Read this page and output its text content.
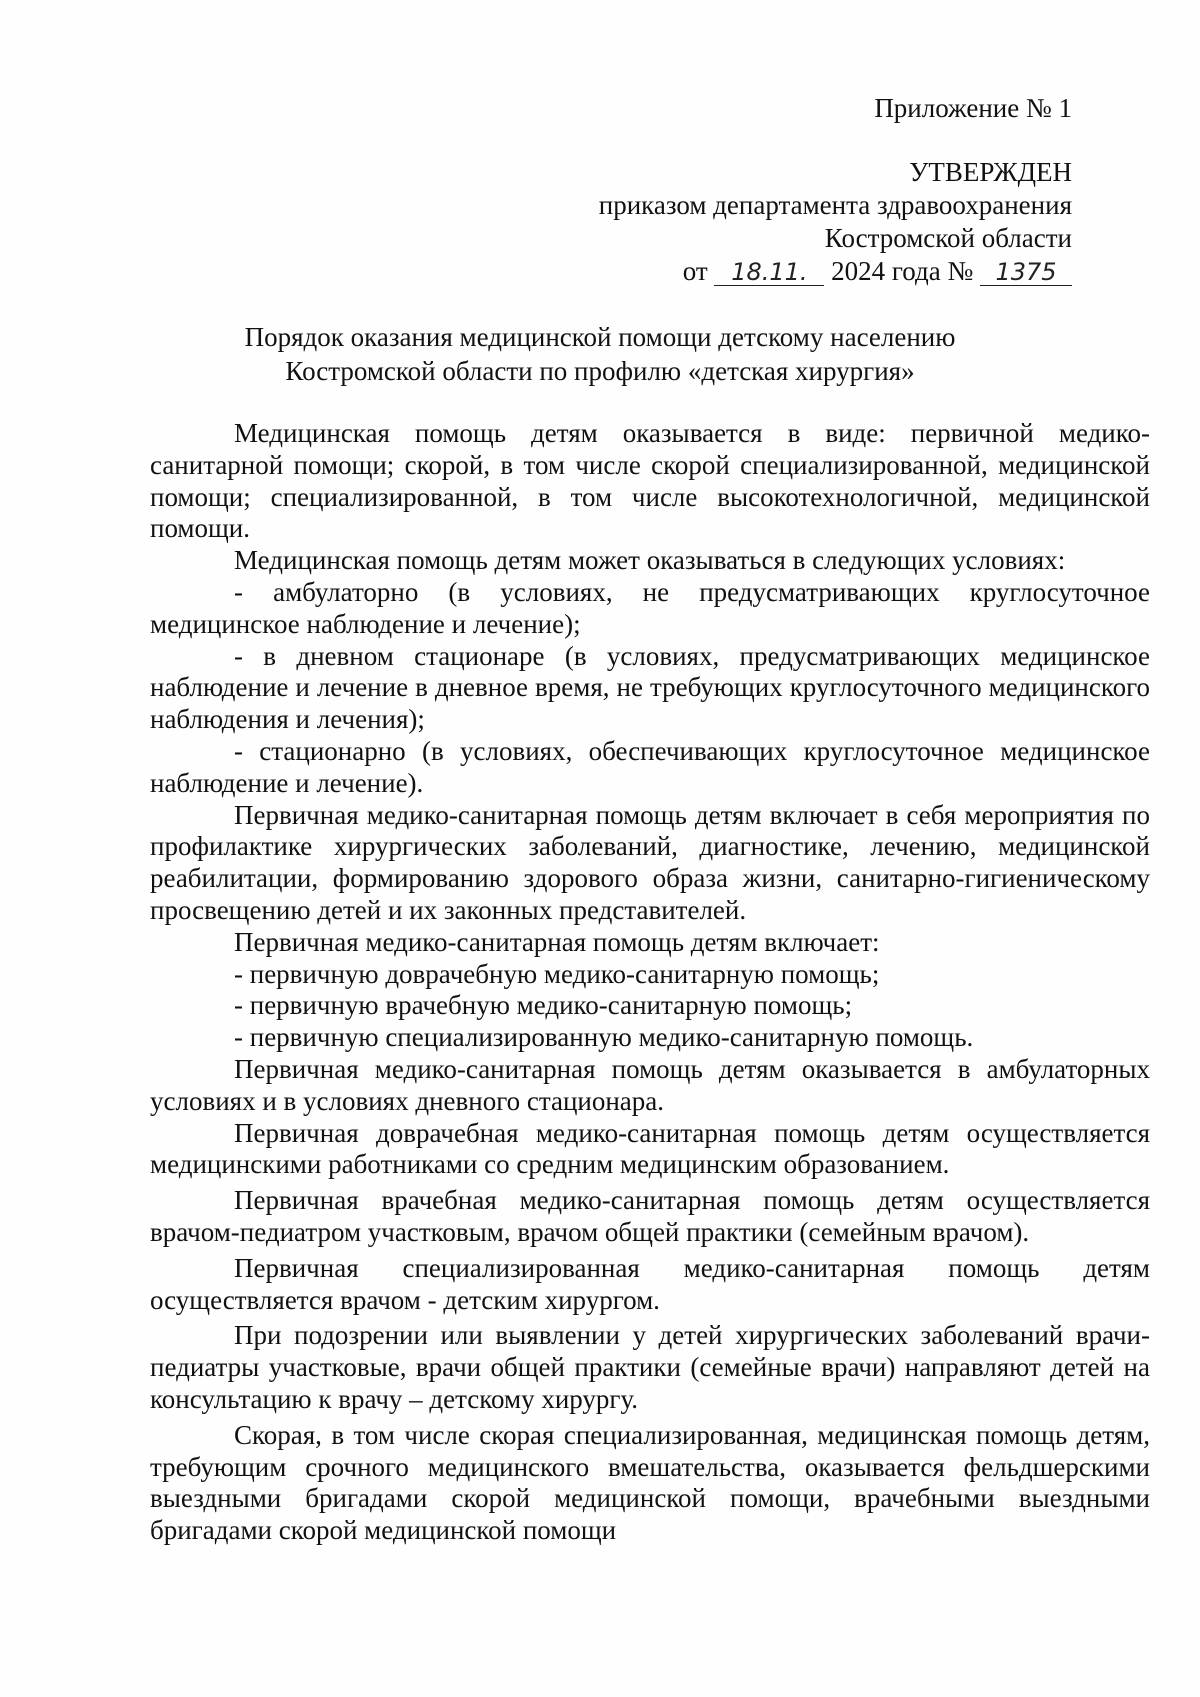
Приложение № 1
УТВЕРЖДЕН
приказом департамента здравоохранения
Костромской области
от 18.11. 2024 года № 1375
Порядок оказания медицинской помощи детскому населению
Костромской области по профилю «детская хирургия»

Медицинская помощь детям оказывается в виде: первичной медико-санитарной помощи; скорой, в том числе скорой специализированной, медицинской помощи; специализированной, в том числе высокотехнологичной, медицинской помощи.

Медицинская помощь детям может оказываться в следующих условиях:

- амбулаторно (в условиях, не предусматривающих круглосуточное медицинское наблюдение и лечение);

- в дневном стационаре (в условиях, предусматривающих медицинское наблюдение и лечение в дневное время, не требующих круглосуточного медицинского наблюдения и лечения);

- стационарно (в условиях, обеспечивающих круглосуточное медицинское наблюдение и лечение).

Первичная медико-санитарная помощь детям включает в себя мероприятия по профилактике хирургических заболеваний, диагностике, лечению, медицинской реабилитации, формированию здорового образа жизни, санитарно-гигиеническому просвещению детей и их законных представителей.

Первичная медико-санитарная помощь детям включает:

- первичную доврачебную медико-санитарную помощь;

- первичную врачебную медико-санитарную помощь;

- первичную специализированную медико-санитарную помощь.

Первичная медико-санитарная помощь детям оказывается в амбулаторных условиях и в условиях дневного стационара.

Первичная доврачебная медико-санитарная помощь детям осуществляется медицинскими работниками со средним медицинским образованием.

Первичная врачебная медико-санитарная помощь детям осуществляется врачом-педиатром участковым, врачом общей практики (семейным врачом).

Первичная специализированная медико-санитарная помощь детям осуществляется врачом - детским хирургом.

При подозрении или выявлении у детей хирургических заболеваний врачи-педиатры участковые, врачи общей практики (семейные врачи) направляют детей на консультацию к врачу – детскому хирургу.

Скорая, в том числе скорая специализированная, медицинская помощь детям, требующим срочного медицинского вмешательства, оказывается фельдшерскими выездными бригадами скорой медицинской помощи, врачебными выездными бригадами скорой медицинской помощи
